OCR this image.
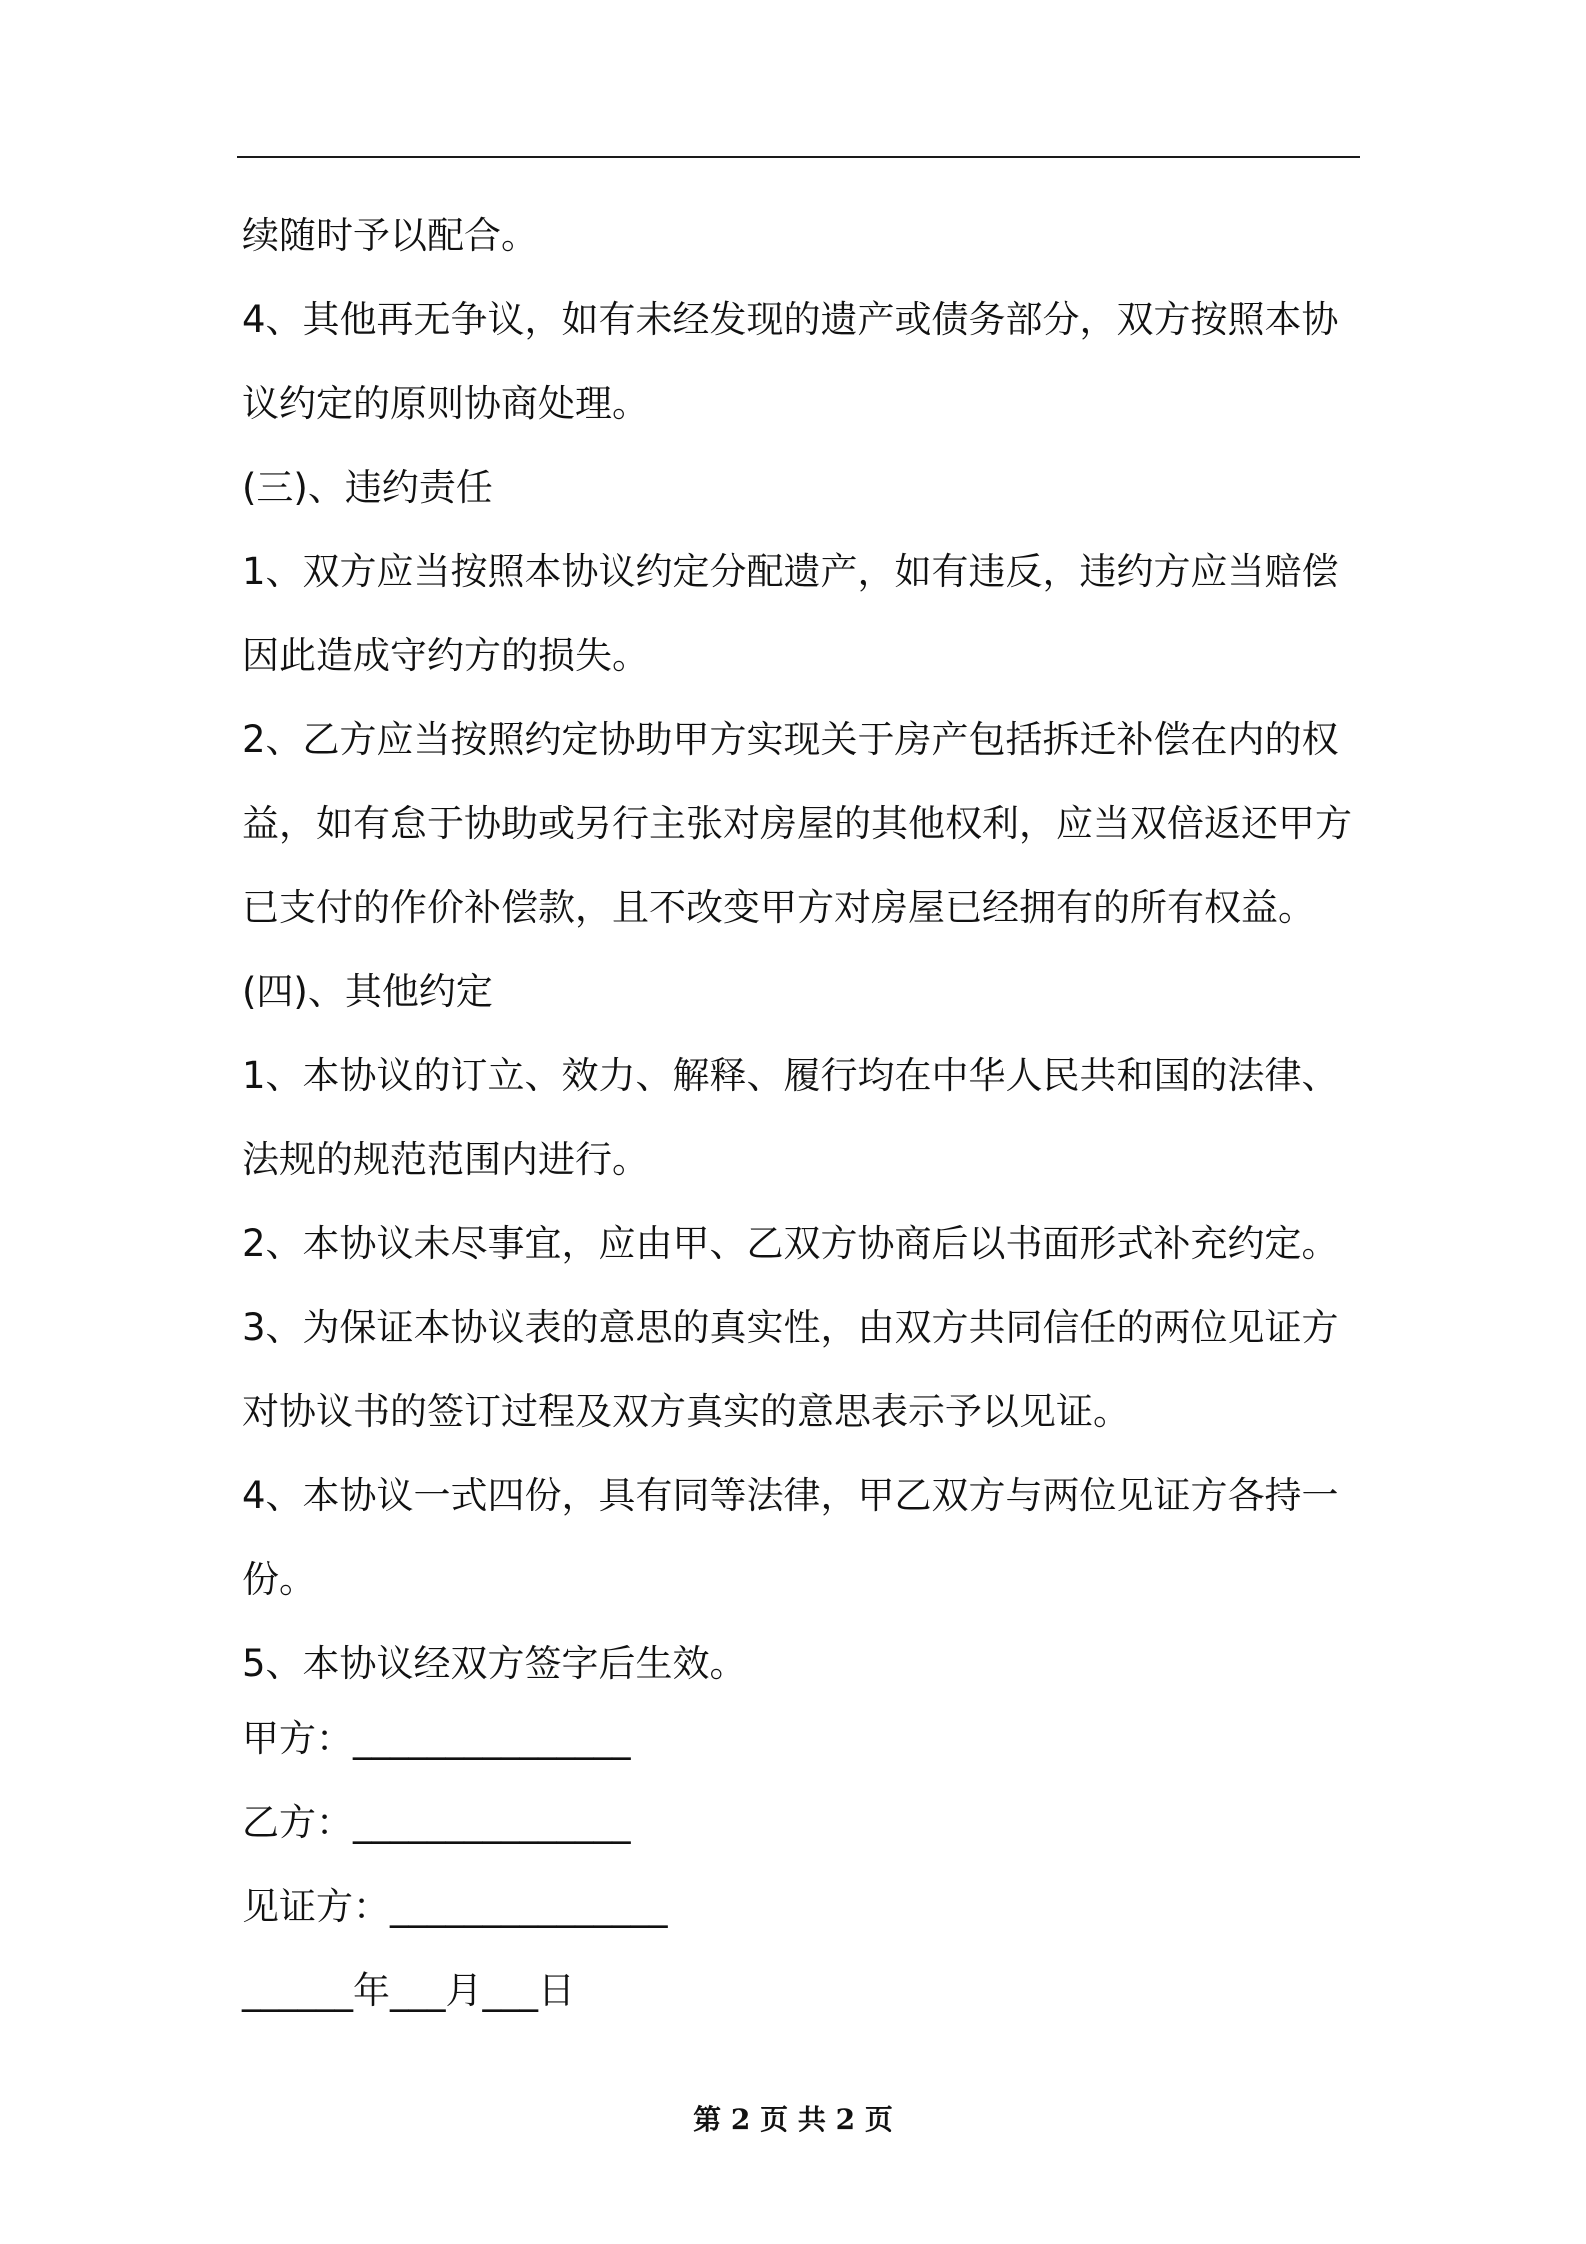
续随时予以配合。
4、其他再无争议，如有未经发现的遗产或债务部分，双方按照本协
议约定的原则协商处理。
(三)、违约责任
1、双方应当按照本协议约定分配遗产，如有违反，违约方应当赔偿
因此造成守约方的损失。
2、乙方应当按照约定协助甲方实现关于房产包括拆迁补偿在内的权
益，如有怠于协助或另行主张对房屋的其他权利，应当双倍返还甲方
已支付的作价补偿款，且不改变甲方对房屋已经拥有的所有权益。
(四)、其他约定
1、本协议的订立、效力、解释、履行均在中华人民共和国的法律、
法规的规范范围内进行。
2、本协议未尽事宜，应由甲、乙双方协商后以书面形式补充约定。
3、为保证本协议表的意思的真实性，由双方共同信任的两位见证方
对协议书的签订过程及双方真实的意思表示予以见证。
4、本协议一式四份，具有同等法律，甲乙双方与两位见证方各持一
份。
5、本协议经双方签字后生效。
甲方：_______________
乙方：_______________
见证方：_______________
______年___月___日
第 2 页 共 2 页
